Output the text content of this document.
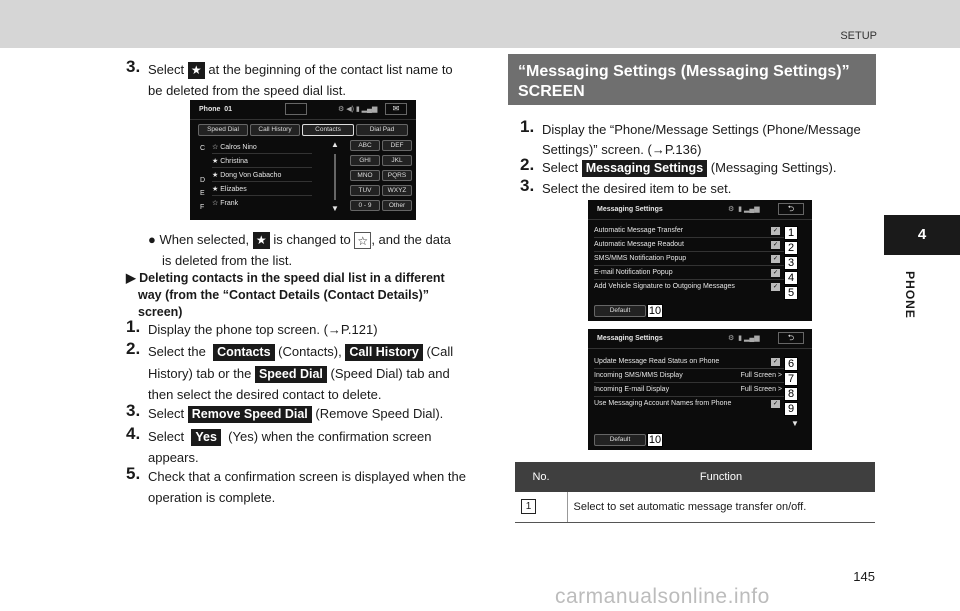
SETUP
4
PHONE
3. Select ★ at the beginning of the contact list name to
be deleted from the speed dial list.
Phone 01	⚙ ◀) ▮ ▂▄▆	✉
Speed Dial	Call History	Contacts	Dial Pad
C
D
E
F
☆ Calros Nino
★ Christina
★ Dong Von Gabacho
★ Elizabes
☆ Frank
▲
▼
ABC	DEF
GHI	JKL
MNO	PQRS
TUV	WXYZ
0 - 9	Other
● When selected, ★ is changed to ☆ , and the data
is deleted from the list.
▶ Deleting contacts in the speed dial list in a different
way (from the “Contact Details (Contact Details)”
screen)
1. Display the phone top screen. (→P.121)
2. Select the Contacts (Contacts), Call History (Call
History) tab or the Speed Dial (Speed Dial) tab and
then select the desired contact to delete.
3. Select Remove Speed Dial (Remove Speed Dial).
4. Select Yes (Yes) when the confirmation screen
appears.
5. Check that a confirmation screen is displayed when the
operation is complete.
“Messaging Settings (Messaging Settings)”
SCREEN
1. Display the “Phone/Message Settings (Phone/Message
Settings)” screen. (→P.136)
2. Select Messaging Settings (Messaging Settings).
3. Select the desired item to be set.
Messaging Settings	⚙  ▮ ▂▄▆	⮌
Automatic Message Transfer	✓
Automatic Message Readout	✓
SMS/MMS Notification Popup	✓
E-mail Notification Popup	✓
Add Vehicle Signature to Outgoing Messages	✓
1
2
3
4
5
Default	10
Messaging Settings	⚙  ▮ ▂▄▆	⮌
Update Message Read Status on Phone	✓
Incoming SMS/MMS Display	Full Screen >
Incoming E-mail Display	Full Screen >
Use Messaging Account Names from Phone	✓
6
7
8
9
▼
Default	10
No.	Function
1	Select to set automatic message transfer on/off.
145
carmanualsonline.info
